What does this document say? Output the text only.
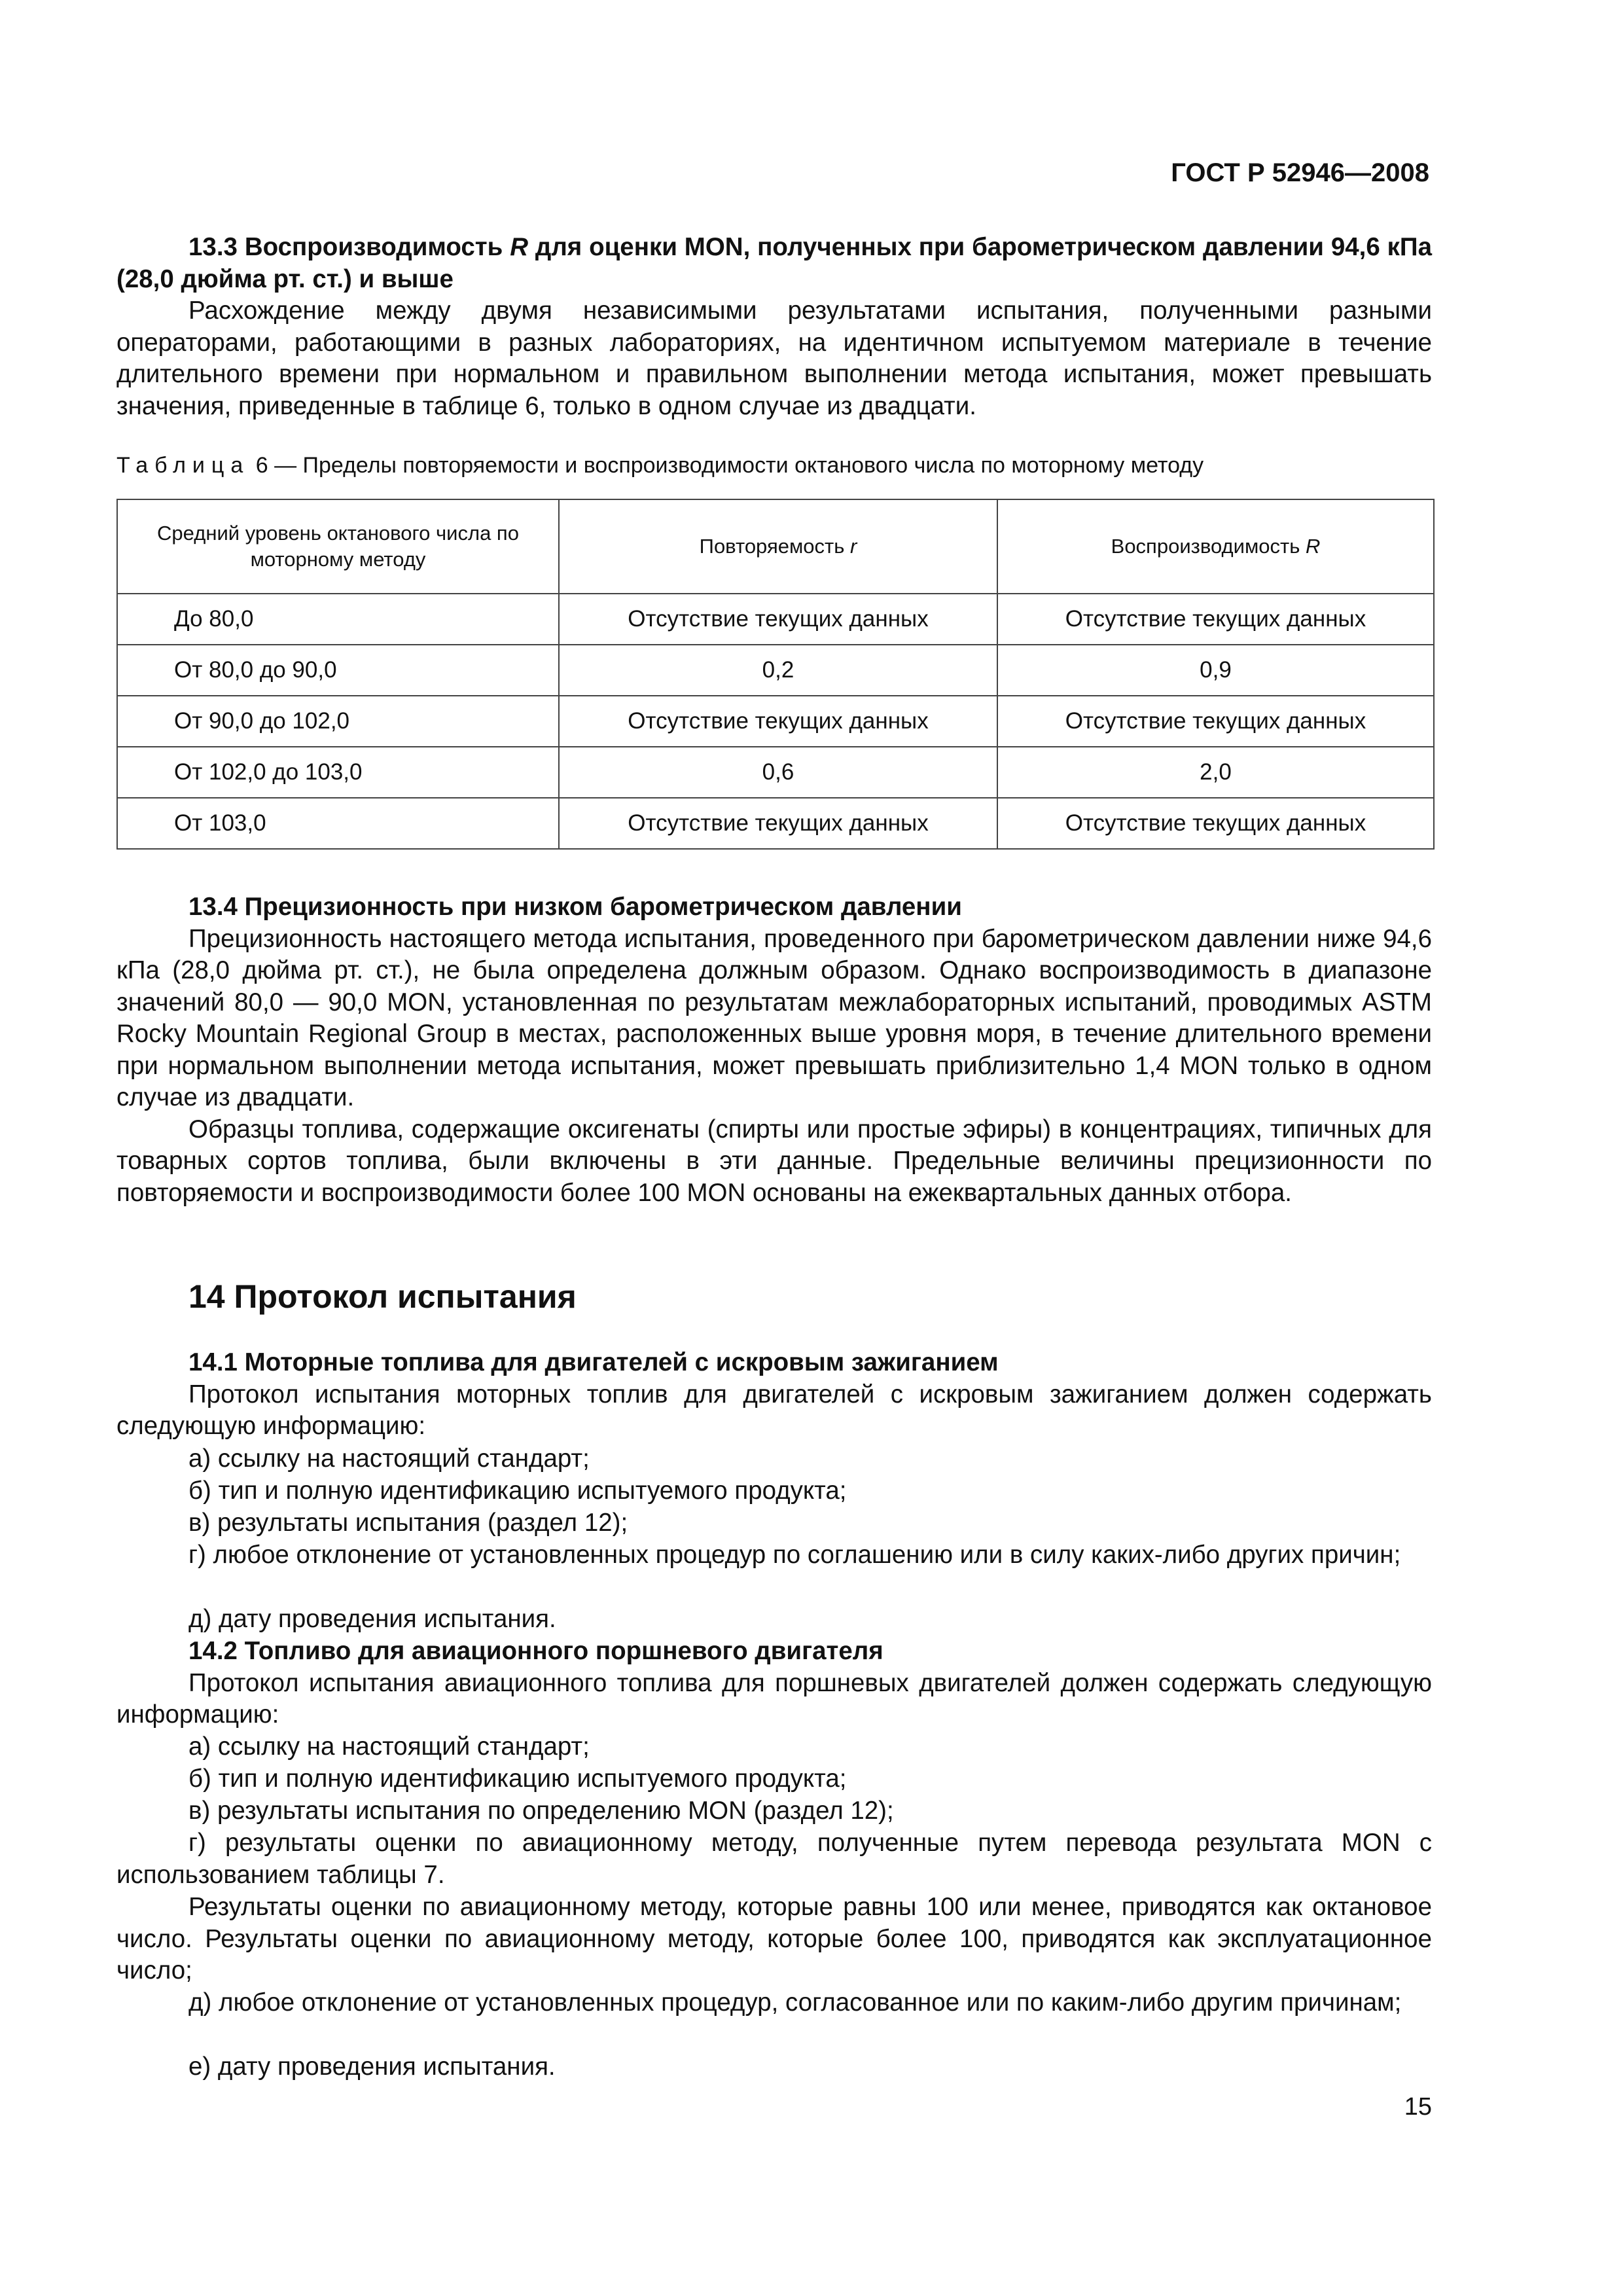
ГОСТ Р 52946—2008
13.3 Воспроизводимость R для оценки MON, полученных при барометрическом давлении 94,6 кПа (28,0 дюйма рт. ст.) и выше
Расхождение между двумя независимыми результатами испытания, полученными разными операторами, работающими в разных лабораториях, на идентичном испытуемом материале в течение длительного времени при нормальном и правильном выполнении метода испытания, может превышать значения, приведенные в таблице 6, только в одном случае из двадцати.
Таблица 6 — Пределы повторяемости и воспроизводимости октанового числа по моторному методу
Средний уровень октанового числа по моторному методу	Повторяемость r	Воспроизводимость R
До 80,0	Отсутствие текущих данных	Отсутствие текущих данных
От 80,0 до 90,0	0,2	0,9
От 90,0 до 102,0	Отсутствие текущих данных	Отсутствие текущих данных
От 102,0 до 103,0	0,6	2,0
От 103,0	Отсутствие текущих данных	Отсутствие текущих данных
13.4 Прецизионность при низком барометрическом давлении
Прецизионность настоящего метода испытания, проведенного при барометрическом давлении ниже 94,6 кПа (28,0 дюйма рт. ст.), не была определена должным образом. Однако воспроизводимость в диапазоне значений 80,0 — 90,0 MON, установленная по результатам межлабораторных испытаний, проводимых ASTM Rocky Mountain Regional Group в местах, расположенных выше уровня моря, в течение длительного времени при нормальном выполнении метода испытания, может превышать приблизительно 1,4 MON только в одном случае из двадцати.
Образцы топлива, содержащие оксигенаты (спирты или простые эфиры) в концентрациях, типичных для товарных сортов топлива, были включены в эти данные. Предельные величины прецизионности по повторяемости и воспроизводимости более 100 MON основаны на ежеквартальных данных отбора.
14 Протокол испытания
14.1 Моторные топлива для двигателей с искровым зажиганием
Протокол испытания моторных топлив для двигателей с искровым зажиганием должен содержать следующую информацию:
а) ссылку на настоящий стандарт;
б) тип и полную идентификацию испытуемого продукта;
в) результаты испытания (раздел 12);
г) любое отклонение от установленных процедур по соглашению или в силу каких-либо других причин;
д) дату проведения испытания.
14.2 Топливо для авиационного поршневого двигателя
Протокол испытания авиационного топлива для поршневых двигателей должен содержать следующую информацию:
а) ссылку на настоящий стандарт;
б) тип и полную идентификацию испытуемого продукта;
в) результаты испытания по определению MON (раздел 12);
г) результаты оценки по авиационному методу, полученные путем перевода результата MON с использованием таблицы 7.
Результаты оценки по авиационному методу, которые равны 100 или менее, приводятся как октановое число. Результаты оценки по авиационному методу, которые более 100, приводятся как эксплуатационное число;
д) любое отклонение от установленных процедур, согласованное или по каким-либо другим причинам;
е) дату проведения испытания.
15
